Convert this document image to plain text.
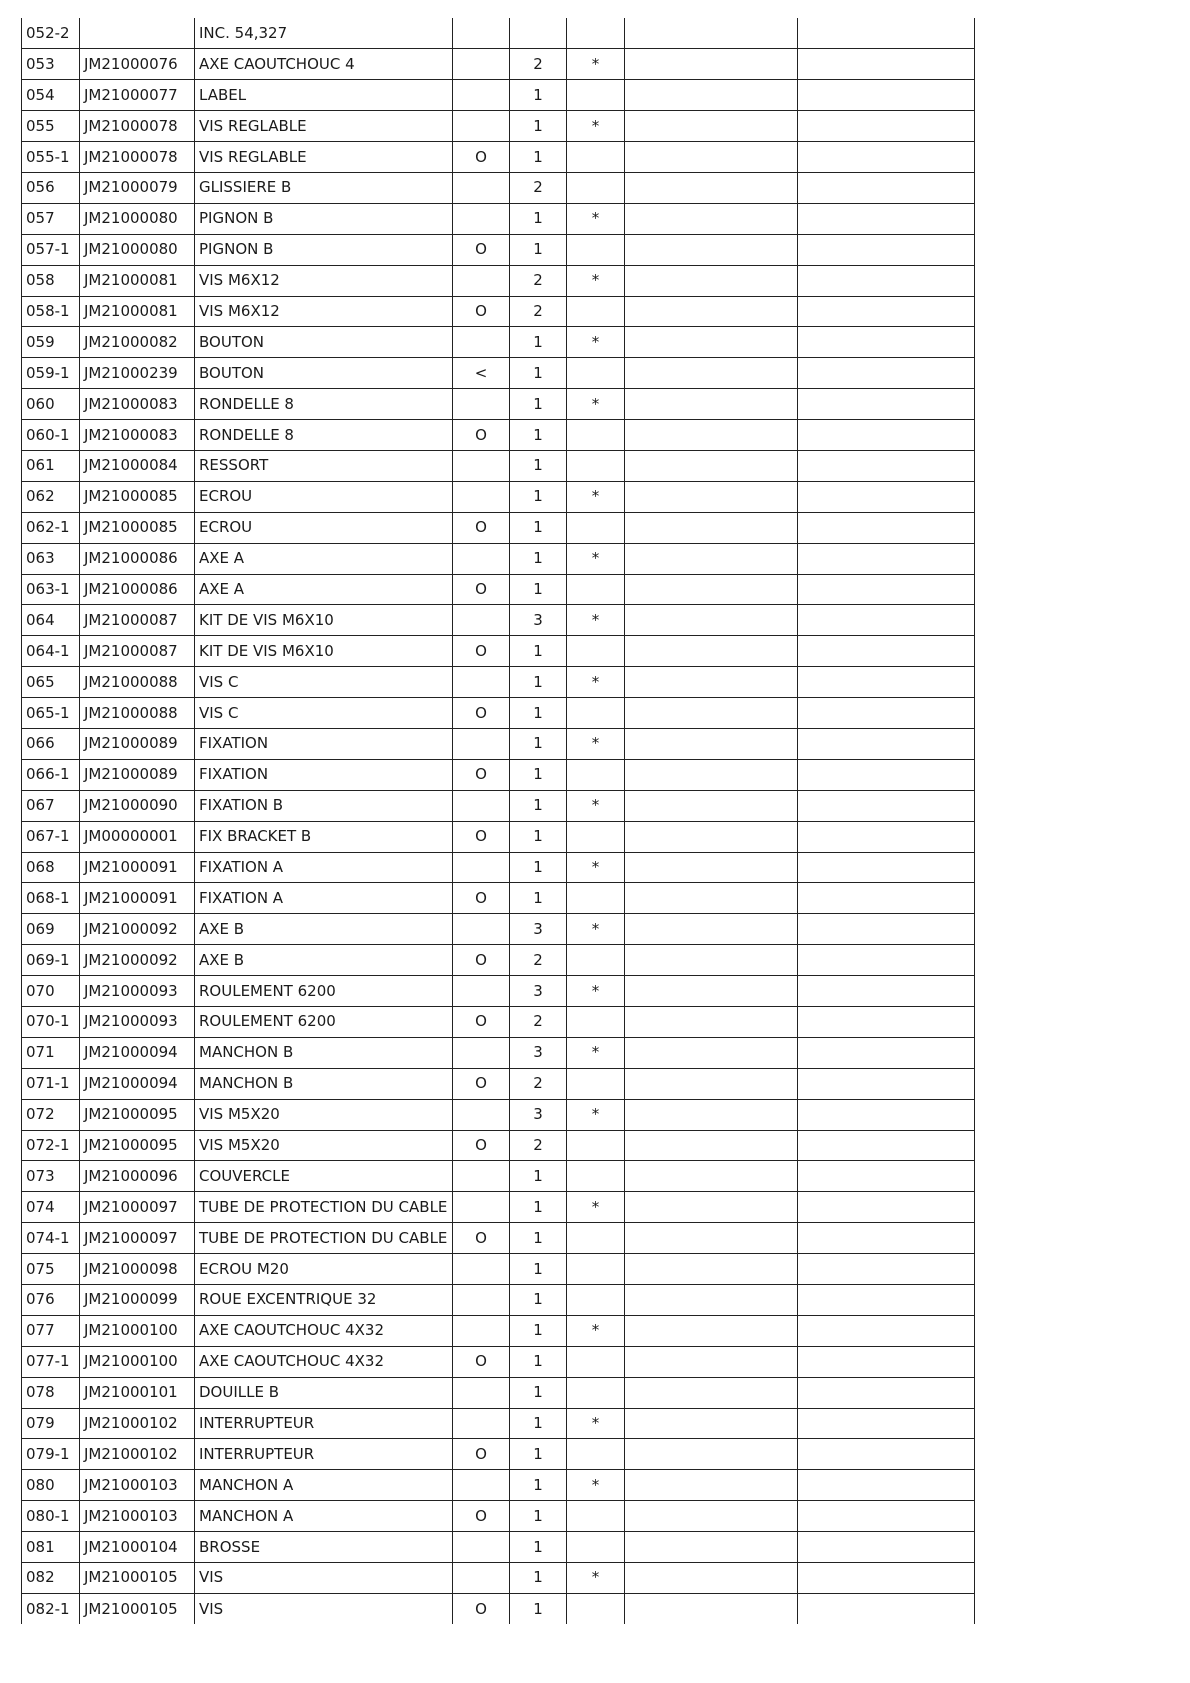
052-2		INC. 54,327					
053	JM21000076	AXE CAOUTCHOUC 4		2	*		
054	JM21000077	LABEL		1			
055	JM21000078	VIS REGLABLE		1	*		
055-1	JM21000078	VIS REGLABLE	O	1			
056	JM21000079	GLISSIERE B		2			
057	JM21000080	PIGNON B		1	*		
057-1	JM21000080	PIGNON B	O	1			
058	JM21000081	VIS M6X12		2	*		
058-1	JM21000081	VIS M6X12	O	2			
059	JM21000082	BOUTON		1	*		
059-1	JM21000239	BOUTON	<	1			
060	JM21000083	RONDELLE 8		1	*		
060-1	JM21000083	RONDELLE 8	O	1			
061	JM21000084	RESSORT		1			
062	JM21000085	ECROU		1	*		
062-1	JM21000085	ECROU	O	1			
063	JM21000086	AXE A		1	*		
063-1	JM21000086	AXE A	O	1			
064	JM21000087	KIT DE VIS M6X10		3	*		
064-1	JM21000087	KIT DE VIS M6X10	O	1			
065	JM21000088	VIS C		1	*		
065-1	JM21000088	VIS C	O	1			
066	JM21000089	FIXATION		1	*		
066-1	JM21000089	FIXATION	O	1			
067	JM21000090	FIXATION B		1	*		
067-1	JM00000001	FIX BRACKET B	O	1			
068	JM21000091	FIXATION A		1	*		
068-1	JM21000091	FIXATION A	O	1			
069	JM21000092	AXE B		3	*		
069-1	JM21000092	AXE B	O	2			
070	JM21000093	ROULEMENT 6200		3	*		
070-1	JM21000093	ROULEMENT 6200	O	2			
071	JM21000094	MANCHON B		3	*		
071-1	JM21000094	MANCHON B	O	2			
072	JM21000095	VIS M5X20		3	*		
072-1	JM21000095	VIS M5X20	O	2			
073	JM21000096	COUVERCLE		1			
074	JM21000097	TUBE DE PROTECTION DU CABLE		1	*		
074-1	JM21000097	TUBE DE PROTECTION DU CABLE	O	1			
075	JM21000098	ECROU M20		1			
076	JM21000099	ROUE EXCENTRIQUE 32		1			
077	JM21000100	AXE CAOUTCHOUC 4X32		1	*		
077-1	JM21000100	AXE CAOUTCHOUC 4X32	O	1			
078	JM21000101	DOUILLE B		1			
079	JM21000102	INTERRUPTEUR		1	*		
079-1	JM21000102	INTERRUPTEUR	O	1			
080	JM21000103	MANCHON A		1	*		
080-1	JM21000103	MANCHON A	O	1			
081	JM21000104	BROSSE		1			
082	JM21000105	VIS		1	*		
082-1	JM21000105	VIS	O	1			
